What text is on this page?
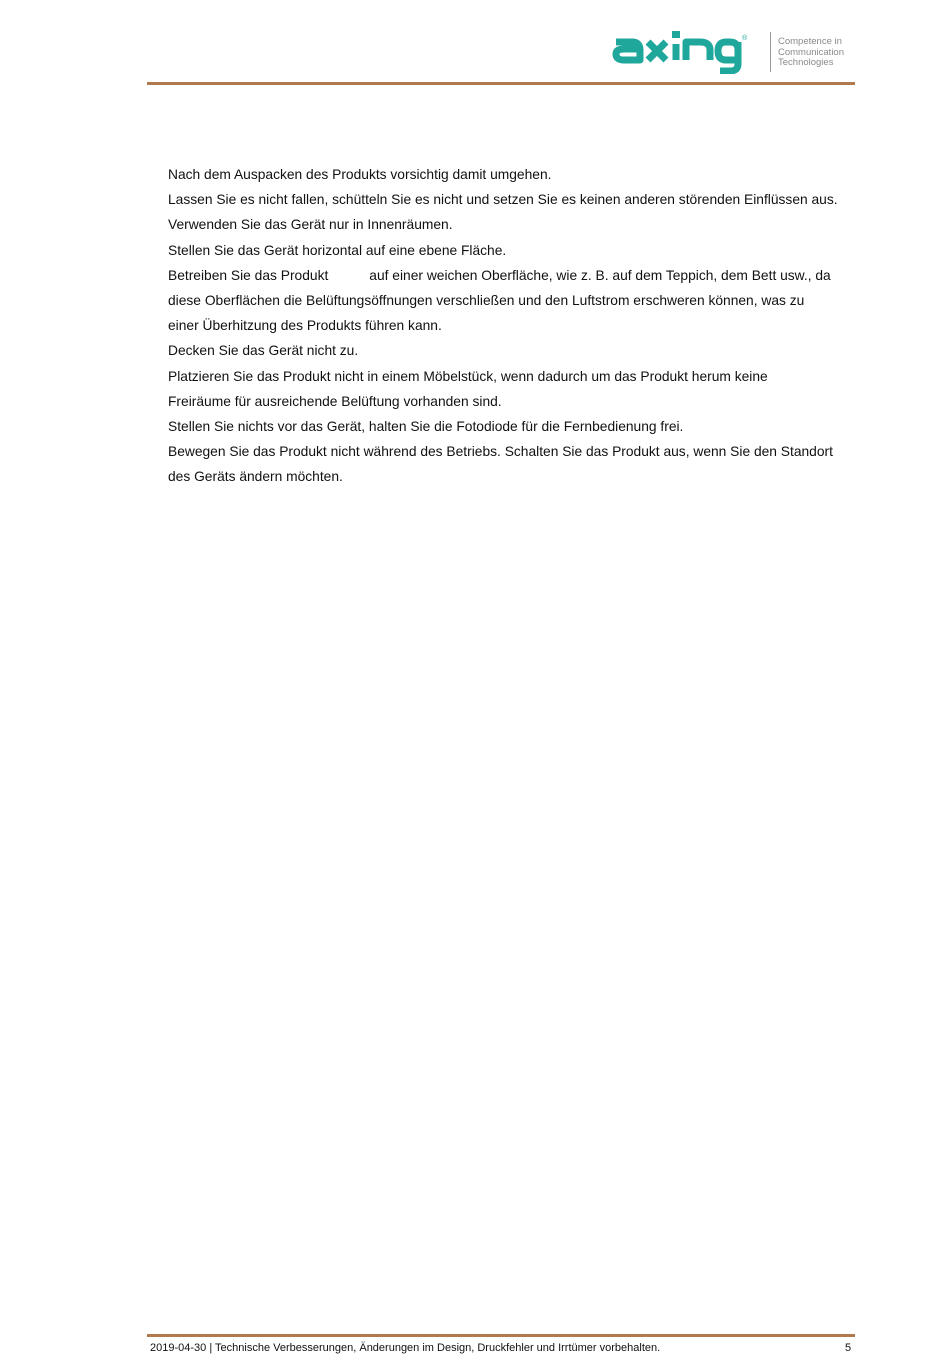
®	Competence in
Communication
Technologies
Nach dem Auspacken des Produkts vorsichtig damit umgehen.
Lassen Sie es nicht fallen, schütteln Sie es nicht und setzen Sie es keinen anderen störenden Einflüssen aus.
Verwenden Sie das Gerät nur in Innenräumen.
Stellen Sie das Gerät horizontal auf eine ebene Fläche.
Betreiben Sie das Produkt	auf einer weichen Oberfläche, wie z. B. auf dem Teppich, dem Bett usw., da
diese Oberflächen die Belüftungsöffnungen verschließen und den Luftstrom erschweren können, was zu
einer Überhitzung des Produkts führen kann.
Decken Sie das Gerät nicht zu.
Platzieren Sie das Produkt nicht in einem Möbelstück, wenn dadurch um das Produkt herum keine
Freiräume für ausreichende Belüftung vorhanden sind.
Stellen Sie nichts vor das Gerät, halten Sie die Fotodiode für die Fernbedienung frei.
Bewegen Sie das Produkt nicht während des Betriebs. Schalten Sie das Produkt aus, wenn Sie den Standort
des Geräts ändern möchten.
2019-04-30 | Technische Verbesserungen, Änderungen im Design, Druckfehler und Irrtümer vorbehalten.	5
